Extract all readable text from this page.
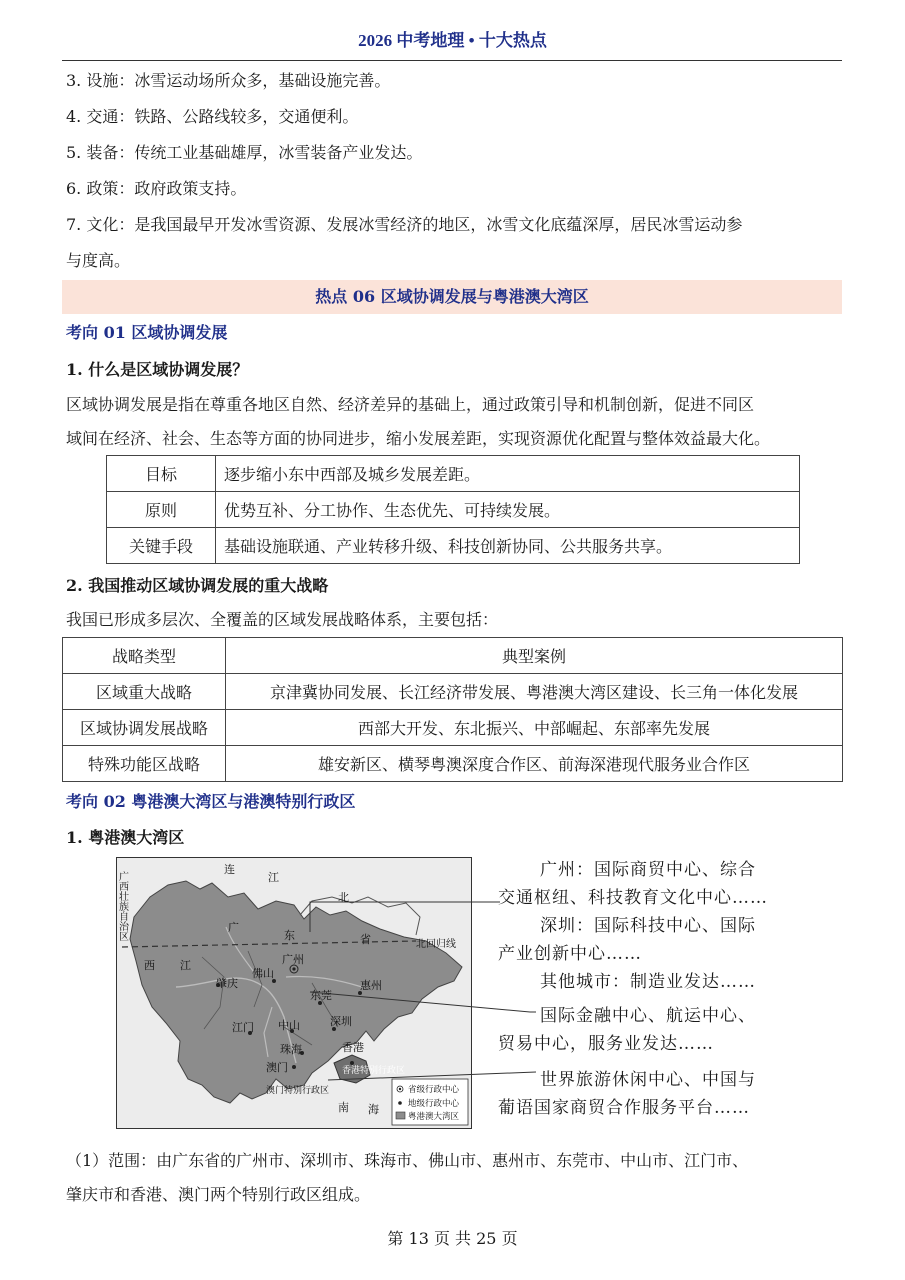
2026 中考地理 • 十大热点
3. 设施：冰雪运动场所众多，基础设施完善。
4. 交通：铁路、公路线较多，交通便利。
5. 装备：传统工业基础雄厚，冰雪装备产业发达。
6. 政策：政府政策支持。
7. 文化：是我国最早开发冰雪资源、发展冰雪经济的地区，冰雪文化底蕴深厚，居民冰雪运动参
与度高。
热点 06 区域协调发展与粤港澳大湾区
考向 01 区域协调发展
1. 什么是区域协调发展？
区域协调发展是指在尊重各地区自然、经济差异的基础上，通过政策引导和机制创新，促进不同区
域间在经济、社会、生态等方面的协同进步，缩小发展差距，实现资源优化配置与整体效益最大化。
目标	逐步缩小东中西部及城乡发展差距。
原则	优势互补、分工协作、生态优先、可持续发展。
关键手段	基础设施联通、产业转移升级、科技创新协同、公共服务共享。
2. 我国推动区域协调发展的重大战略
我国已形成多层次、全覆盖的区域发展战略体系，主要包括：
战略类型	典型案例
区域重大战略	京津冀协同发展、长江经济带发展、粤港澳大湾区建设、长三角一体化发展
区域协调发展战略	西部大开发、东北振兴、中部崛起、东部率先发展
特殊功能区战略	雄安新区、横琴粤澳深度合作区、前海深港现代服务业合作区
考向 02 粤港澳大湾区与港澳特别行政区
1. 粤港澳大湾区
广西壮族自治区
连
江
北
广
东	省
西 江
肇庆
佛山
广州
东莞
惠州
深圳
江门 中山
珠海
澳门
香港
香港特别行政区
澳门特别行政区
南 海
北回归线
省级行政中心
地级行政中心
粤港澳大湾区
广州：国际商贸中心、综合
交通枢纽、科技教育文化中心……
深圳：国际科技中心、国际
产业创新中心……
其他城市：制造业发达……
国际金融中心、航运中心、
贸易中心，服务业发达……
世界旅游休闲中心、中国与
葡语国家商贸合作服务平台……
（1）范围：由广东省的广州市、深圳市、珠海市、佛山市、惠州市、东莞市、中山市、江门市、
肇庆市和香港、澳门两个特别行政区组成。
第 13 页 共 25 页
